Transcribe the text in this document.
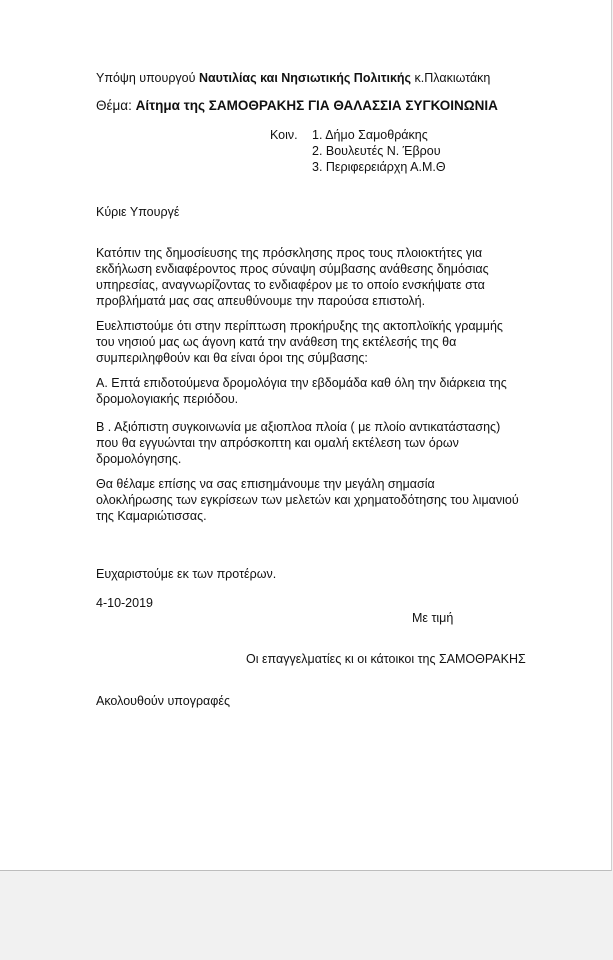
Υπόψη υπουργού Ναυτιλίας και Νησιωτικής Πολιτικής κ.Πλακιωτάκη
Θέμα: Αίτημα της ΣΑΜΟΘΡΑΚΗΣ ΓΙΑ ΘΑΛΑΣΣΙΑ ΣΥΓΚΟΙΝΩΝΙΑ
Κοιν. 1. Δήμο Σαμοθράκης
2. Βουλευτές Ν. Έβρου
3. Περιφερειάρχη Α.Μ.Θ
Κύριε Υπουργέ
Κατόπιν της δημοσίευσης της πρόσκλησης προς τους πλοιοκτήτες για
εκδήλωση ενδιαφέροντος προς σύναψη σύμβασης ανάθεσης δημόσιας
υπηρεσίας, αναγνωρίζοντας το ενδιαφέρον με το οποίο ενσκήψατε στα
προβλήματά μας σας απευθύνουμε την παρούσα επιστολή.
Ευελπιστούμε ότι στην περίπτωση προκήρυξης της ακτοπλοϊκής γραμμής
του νησιού μας ως άγονη κατά την ανάθεση της εκτέλεσής της θα
συμπεριληφθούν και θα είναι όροι της σύμβασης:
Α. Επτά επιδοτούμενα δρομολόγια την εβδομάδα καθ όλη την διάρκεια της
δρομολογιακής περιόδου.
Β . Αξιόπιστη συγκοινωνία με αξιοπλοα πλοία ( με πλοίο αντικατάστασης)
που θα εγγυώνται την απρόσκοπτη και ομαλή εκτέλεση των όρων
δρομολόγησης.
Θα θέλαμε επίσης να σας επισημάνουμε την μεγάλη σημασία
ολοκλήρωσης των εγκρίσεων των μελετών και χρηματοδότησης του λιμανιού
της Καμαριώτισσας.
Ευχαριστούμε εκ των προτέρων.
4-10-2019
Με τιμή
Οι επαγγελματίες κι οι κάτοικοι της ΣΑΜΟΘΡΑΚΗΣ
Ακολουθούν υπογραφές
